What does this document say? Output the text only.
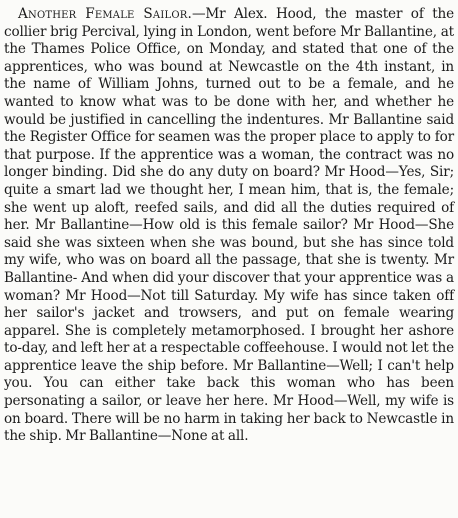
Another Female Sailor.—Mr Alex. Hood, the master of the collier brig Percival, lying in London, went before Mr Ballantine, at the Thames Police Office, on Monday, and stated that one of the apprentices, who was bound at Newcastle on the 4th instant, in the name of William Johns, turned out to be a female, and he wanted to know what was to be done with her, and whether he would be justified in cancelling the indentures. Mr Ballantine said the Register Office for seamen was the proper place to apply to for that purpose. If the apprentice was a woman, the contract was no longer binding. Did she do any duty on board? Mr Hood—Yes, Sir; quite a smart lad we thought her, I mean him, that is, the female; she went up aloft, reefed sails, and did all the duties required of her. Mr Ballantine—How old is this female sailor? Mr Hood—She said she was sixteen when she was bound, but she has since told my wife, who was on board all the passage, that she is twenty. Mr Ballantine- And when did your discover that your apprentice was a woman? Mr Hood—Not till Saturday. My wife has since taken off her sailor's jacket and trowsers, and put on female wearing apparel. She is completely metamorphosed. I brought her ashore to-day, and left her at a respectable coffeehouse. I would not let the apprentice leave the ship before. Mr Ballantine—Well; I can't help you. You can either take back this woman who has been personating a sailor, or leave her here. Mr Hood—Well, my wife is on board. There will be no harm in taking her back to Newcastle in the ship. Mr Ballantine—None at all.
